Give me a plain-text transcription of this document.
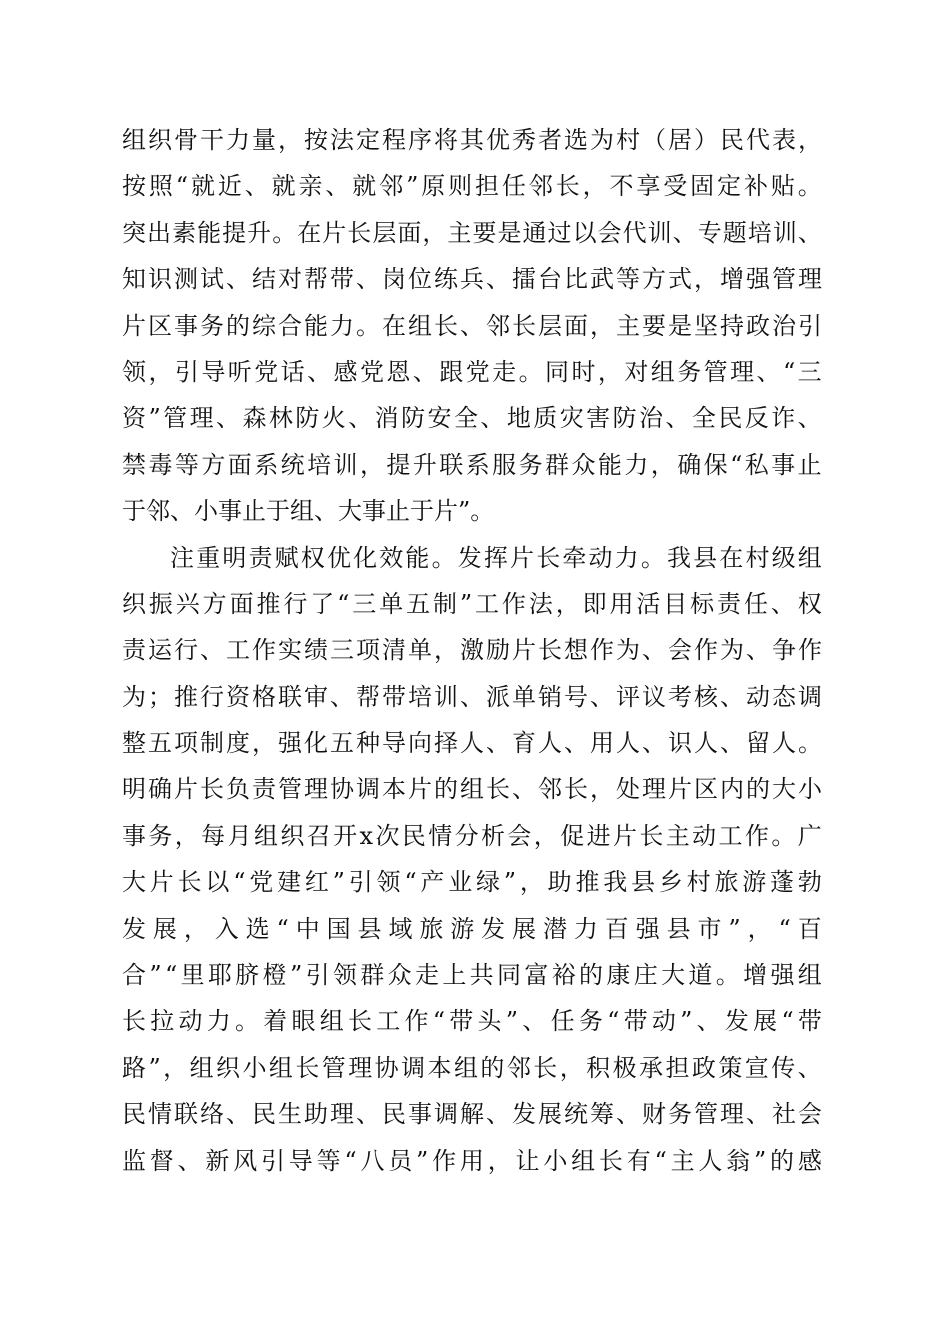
组 织 骨 干 力 量 ， 按 法 定 程 序 将 其 优 秀 者 选 为 村 （ 居 ） 民 代 表 ，
按 照 “ 就 近 、 就 亲 、 就 邻 ” 原 则 担 任 邻 长 ， 不 享 受 固 定 补 贴 。
突 出 素 能 提 升 。 在 片 长 层 面 ， 主 要 是 通 过 以 会 代 训 、 专 题 培 训 、
知 识 测 试 、 结 对 帮 带 、 岗 位 练 兵 、 擂 台 比 武 等 方 式 ， 增 强 管 理
片 区 事 务 的 综 合 能 力 。 在 组 长 、 邻 长 层 面 ， 主 要 是 坚 持 政 治 引
领 ， 引 导 听 党 话 、 感 党 恩 、 跟 党 走 。 同 时 ， 对 组 务 管 理 、 “ 三
资 ” 管 理 、 森 林 防 火 、 消 防 安 全 、 地 质 灾 害 防 治 、 全 民 反 诈 、
禁 毒 等 方 面 系 统 培 训 ， 提 升 联 系 服 务 群 众 能 力 ， 确 保 “ 私 事 止
于 邻 、 小 事 止 于 组 、 大 事 止 于 片 ” 。
注 重 明 责 赋 权 优 化 效 能 。 发 挥 片 长 牵 动 力 。 我 县 在 村 级 组
织 振 兴 方 面 推 行 了 “ 三 单 五 制 ” 工 作 法 ， 即 用 活 目 标 责 任 、 权
责 运 行 、 工 作 实 绩 三 项 清 单 ， 激 励 片 长 想 作 为 、 会 作 为 、 争 作
为 ； 推 行 资 格 联 审 、 帮 带 培 训 、 派 单 销 号 、 评 议 考 核 、 动 态 调
整 五 项 制 度 ， 强 化 五 种 导 向 择 人 、 育 人 、 用 人 、 识 人 、 留 人 。
明 确 片 长 负 责 管 理 协 调 本 片 的 组 长 、 邻 长 ， 处 理 片 区 内 的 大 小
事 务 ， 每 月 组 织 召 开 x 次 民 情 分 析 会 ， 促 进 片 长 主 动 工 作 。 广
大 片 长 以 “ 党 建 红 ” 引 领 “ 产 业 绿 ” ， 助 推 我 县 乡 村 旅 游 蓬 勃
发 展 ， 入 选 “ 中 国 县 域 旅 游 发 展 潜 力 百 强 县 市 ” ， “ 百
合 ” “ 里 耶 脐 橙 ” 引 领 群 众 走 上 共 同 富 裕 的 康 庄 大 道 。 增 强 组
长 拉 动 力 。 着 眼 组 长 工 作 “ 带 头 ” 、 任 务 “ 带 动 ” 、 发 展 “ 带
路 ” ， 组 织 小 组 长 管 理 协 调 本 组 的 邻 长 ， 积 极 承 担 政 策 宣 传 、
民 情 联 络 、 民 生 助 理 、 民 事 调 解 、 发 展 统 筹 、 财 务 管 理 、 社 会
监 督 、 新 风 引 导 等 “ 八 员 ” 作 用 ， 让 小 组 长 有 “ 主 人 翁 ” 的 感
